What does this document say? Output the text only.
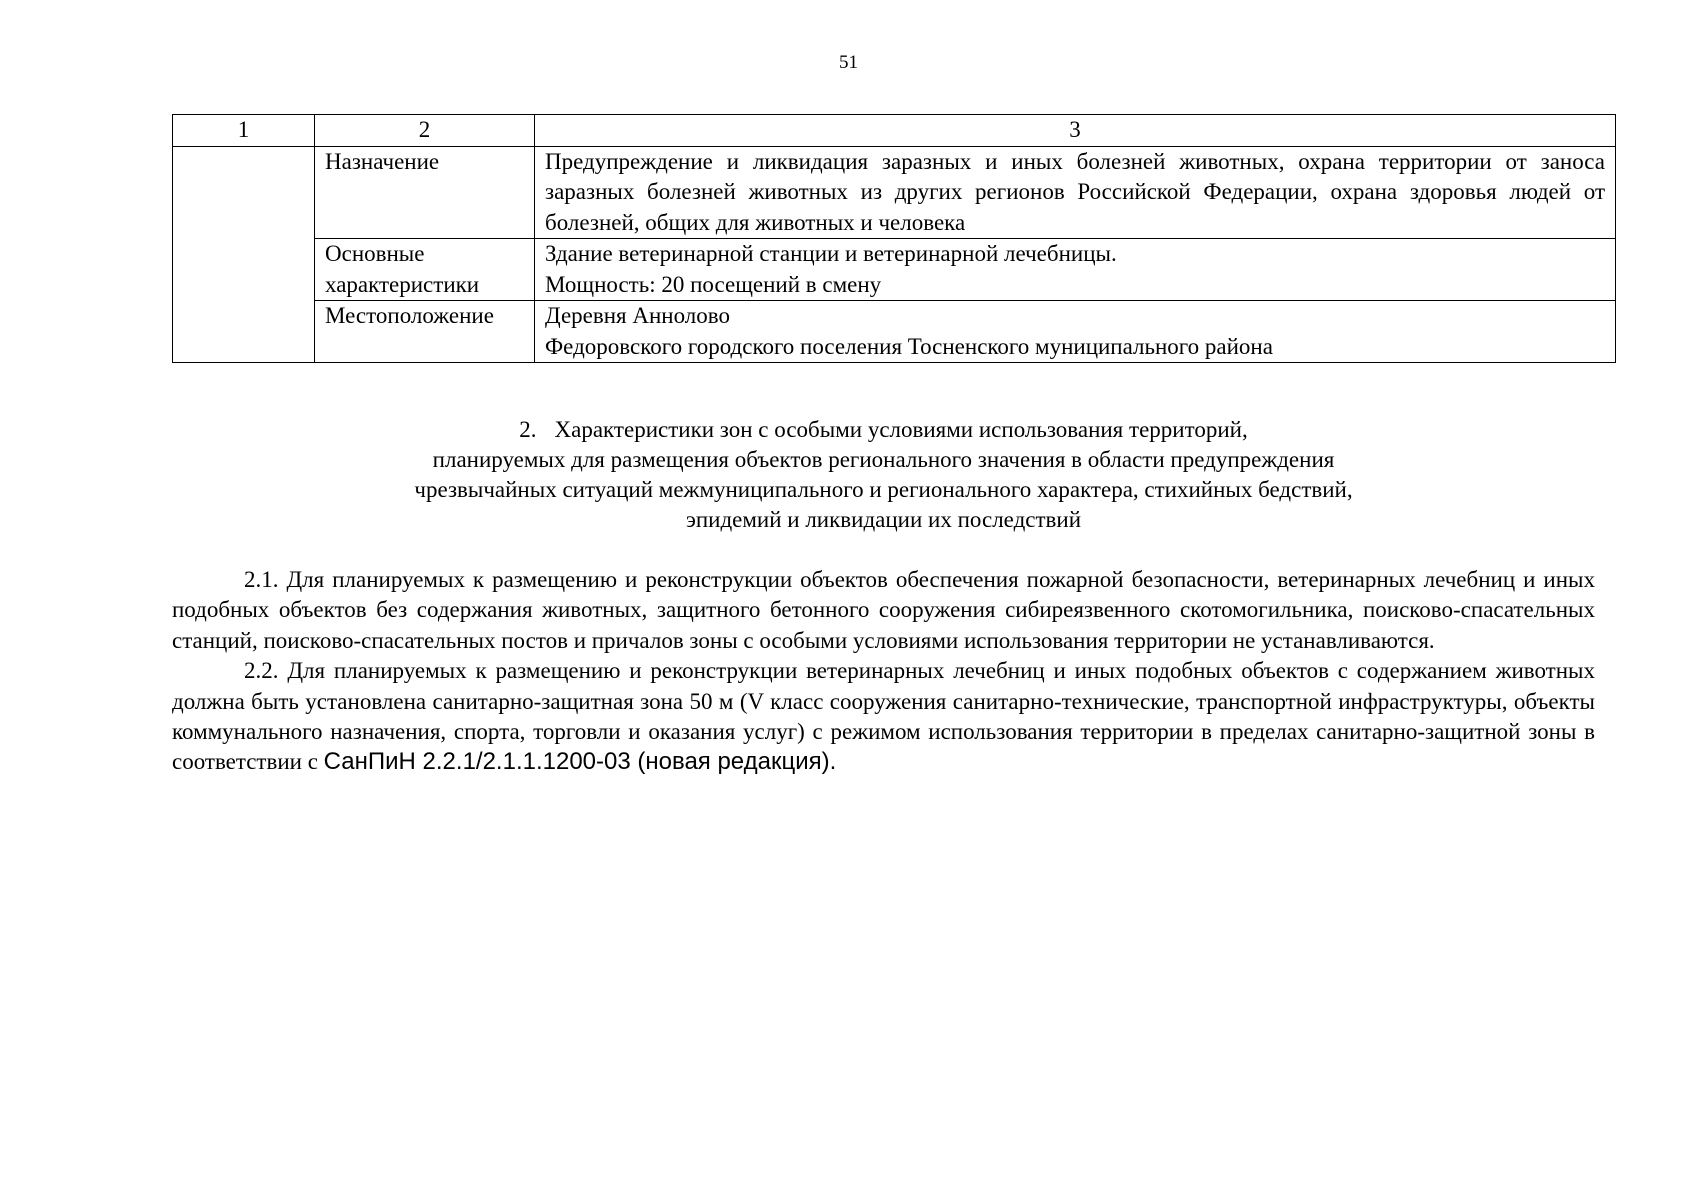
51
1	2	3
	Назначение	Предупреждение и ликвидация заразных и иных болезней животных, охрана территории от заноса заразных болезней животных из других регионов Российской Федерации, охрана здоровья людей от болезней, общих для животных и человека
	Основные характеристики	Здание ветеринарной станции и ветеринарной лечебницы.
Мощность: 20 посещений в смену

	Местоположение	Деревня Аннолово
Федоровского городского поселения Тосненского муниципального района
2. Характеристики зон с особыми условиями использования территорий,
планируемых для размещения объектов регионального значения в области предупреждения
чрезвычайных ситуаций межмуниципального и регионального характера, стихийных бедствий,
эпидемий и ликвидации их последствий

2.1. Для планируемых к размещению и реконструкции объектов обеспечения пожарной безопасности, ветеринарных лечебниц и иных подобных объектов без содержания животных, защитного бетонного сооружения сибиреязвенного скотомогильника, поисково-спасательных станций, поисково-спасательных постов и причалов зоны с особыми условиями использования территории не устанавливаются.

2.2. Для планируемых к размещению и реконструкции ветеринарных лечебниц и иных подобных объектов с содержанием животных должна быть установлена санитарно-защитная зона 50 м (V класс сооружения санитарно-технические, транспортной инфраструктуры, объекты коммунального назначения, спорта, торговли и оказания услуг) с режимом использования территории в пределах санитарно-защитной зоны в соответствии с СанПиН 2.2.1/2.1.1.1200-03 (новая редакция).
